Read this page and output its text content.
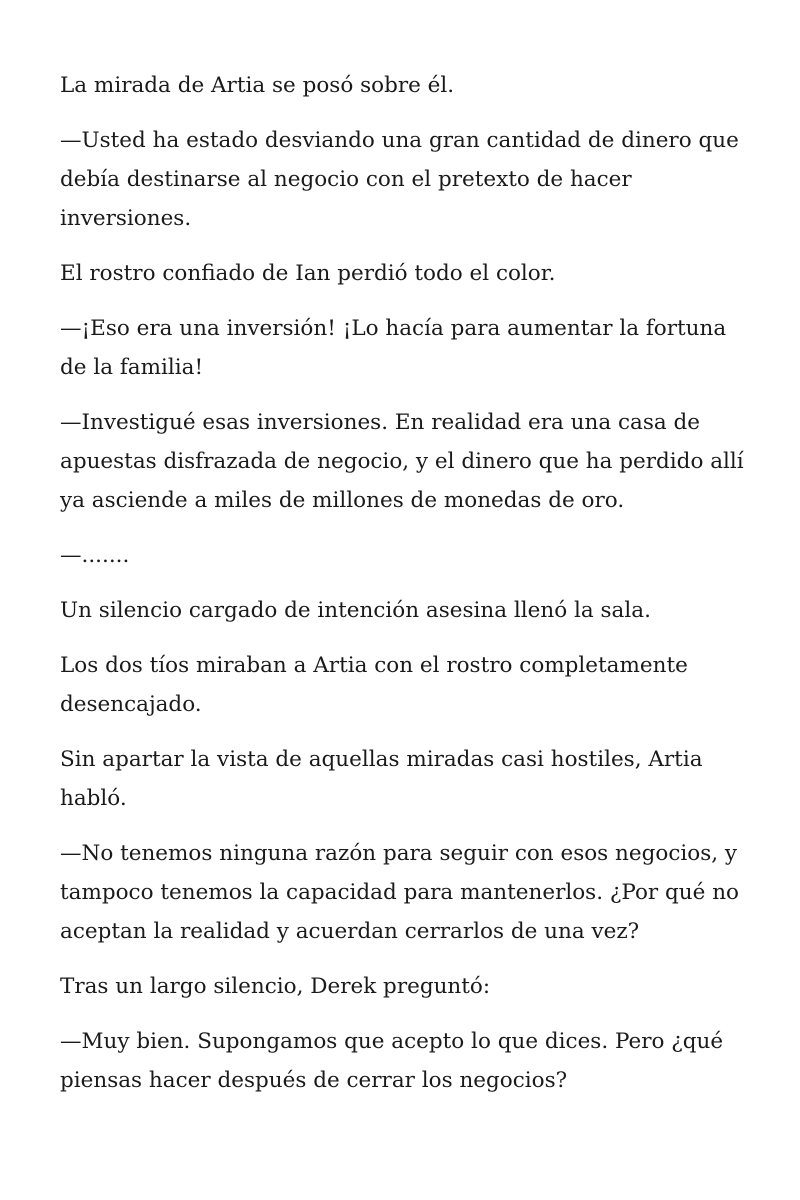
La mirada de Artia se posó sobre él.

—Usted ha estado desviando una gran cantidad de dinero que debía destinarse al negocio con el pretexto de hacer inversiones.

El rostro confiado de Ian perdió todo el color.

—¡Eso era una inversión! ¡Lo hacía para aumentar la fortuna de la familia!

—Investigué esas inversiones. En realidad era una casa de apuestas disfrazada de negocio, y el dinero que ha perdido allí ya asciende a miles de millones de monedas de oro.

—.......

Un silencio cargado de intención asesina llenó la sala.

Los dos tíos miraban a Artia con el rostro completamente desencajado.

Sin apartar la vista de aquellas miradas casi hostiles, Artia habló.

—No tenemos ninguna razón para seguir con esos negocios, y tampoco tenemos la capacidad para mantenerlos. ¿Por qué no aceptan la realidad y acuerdan cerrarlos de una vez?

Tras un largo silencio, Derek preguntó:

—Muy bien. Supongamos que acepto lo que dices. Pero ¿qué piensas hacer después de cerrar los negocios?
